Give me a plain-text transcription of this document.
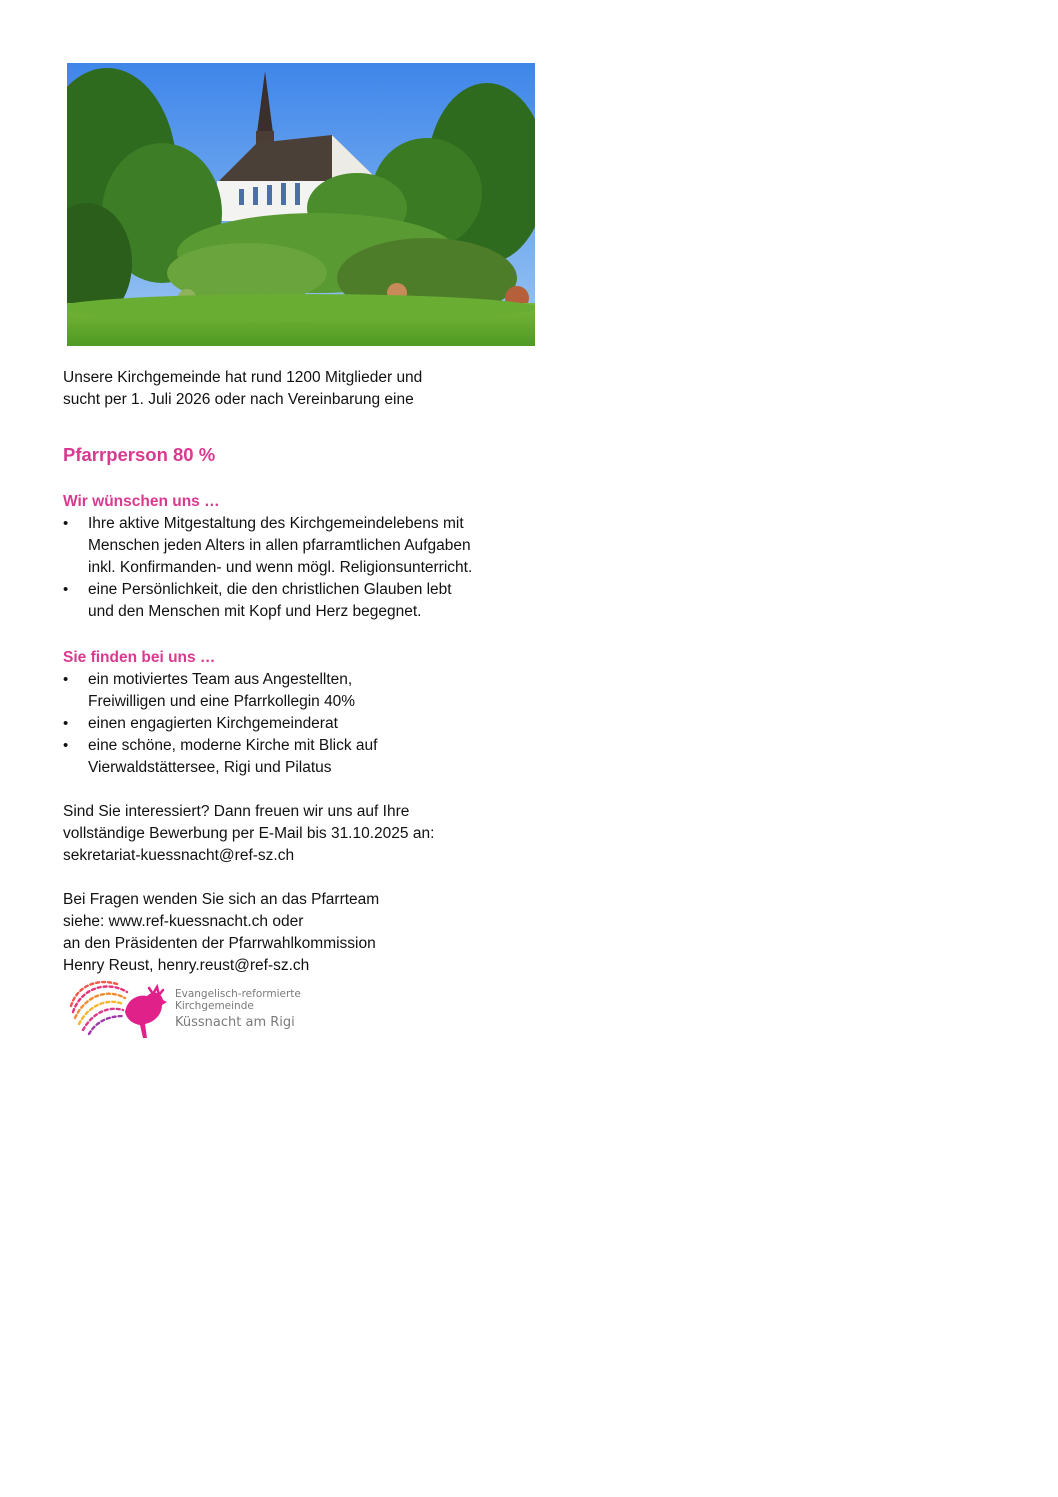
Unsere Kirchgemeinde hat rund 1200 Mitglieder und
sucht per 1. Juli 2026 oder nach Vereinbarung eine

Pfarrperson 80 %
Wir wünschen uns …
• Ihre aktive Mitgestaltung des Kirchgemeindelebens mit
Menschen jeden Alters in allen pfarramtlichen Aufgaben
inkl. Konfirmanden- und wenn mögl. Religionsunterricht.
• eine Persönlichkeit, die den christlichen Glauben lebt
und den Menschen mit Kopf und Herz begegnet.
Sie finden bei uns …
• ein motiviertes Team aus Angestellten,
Freiwilligen und eine Pfarrkollegin 40%
• einen engagierten Kirchgemeinderat
• eine schöne, moderne Kirche mit Blick auf
Vierwaldstättersee, Rigi und Pilatus

Sind Sie interessiert? Dann freuen wir uns auf Ihre
vollständige Bewerbung per E-Mail bis 31.10.2025 an:
sekretariat-kuessnacht@ref-sz.ch

Bei Fragen wenden Sie sich an das Pfarrteam
siehe: www.ref-kuessnacht.ch oder
an den Präsidenten der Pfarrwahlkommission
Henry Reust, henry.reust@ref-sz.ch

Evangelisch-reformierte
Kirchgemeinde
Küssnacht am Rigi
